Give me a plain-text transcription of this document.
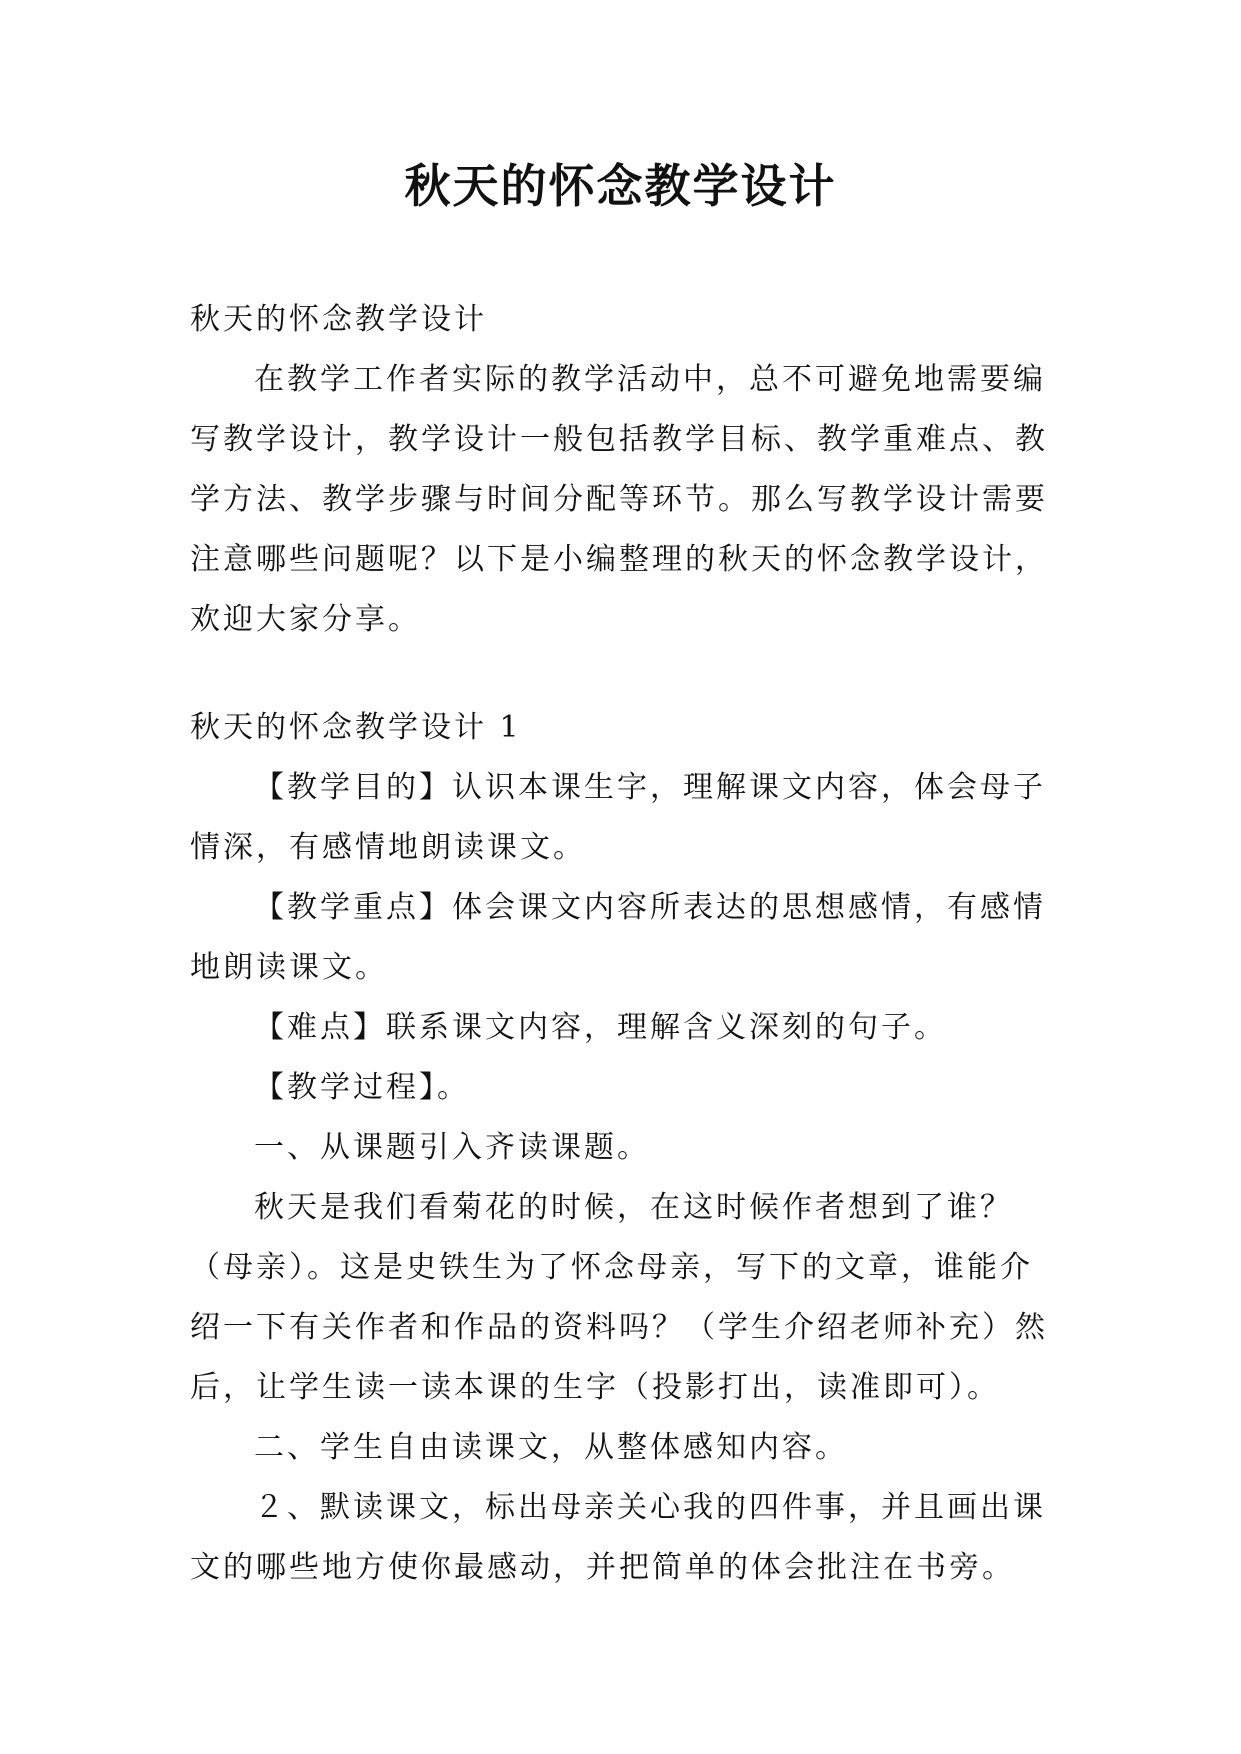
秋天的怀念教学设计

秋天的怀念教学设计

在教学工作者实际的教学活动中，总不可避免地需要编写教学设计，教学设计一般包括教学目标、教学重难点、教学方法、教学步骤与时间分配等环节。那么写教学设计需要注意哪些问题呢？以下是小编整理的秋天的怀念教学设计，欢迎大家分享。

秋天的怀念教学设计 1

【教学目的】认识本课生字，理解课文内容，体会母子情深，有感情地朗读课文。

【教学重点】体会课文内容所表达的思想感情，有感情地朗读课文。

【难点】联系课文内容，理解含义深刻的句子。

【教学过程】。

一、从课题引入齐读课题。

秋天是我们看菊花的时候，在这时候作者想到了谁？（母亲）。这是史铁生为了怀念母亲，写下的文章，谁能介绍一下有关作者和作品的资料吗？（学生介绍老师补充）然后，让学生读一读本课的生字（投影打出，读准即可）。

二、学生自由读课文，从整体感知内容。

２、默读课文，标出母亲关心我的四件事，并且画出课文的哪些地方使你最感动，并把简单的体会批注在书旁。
